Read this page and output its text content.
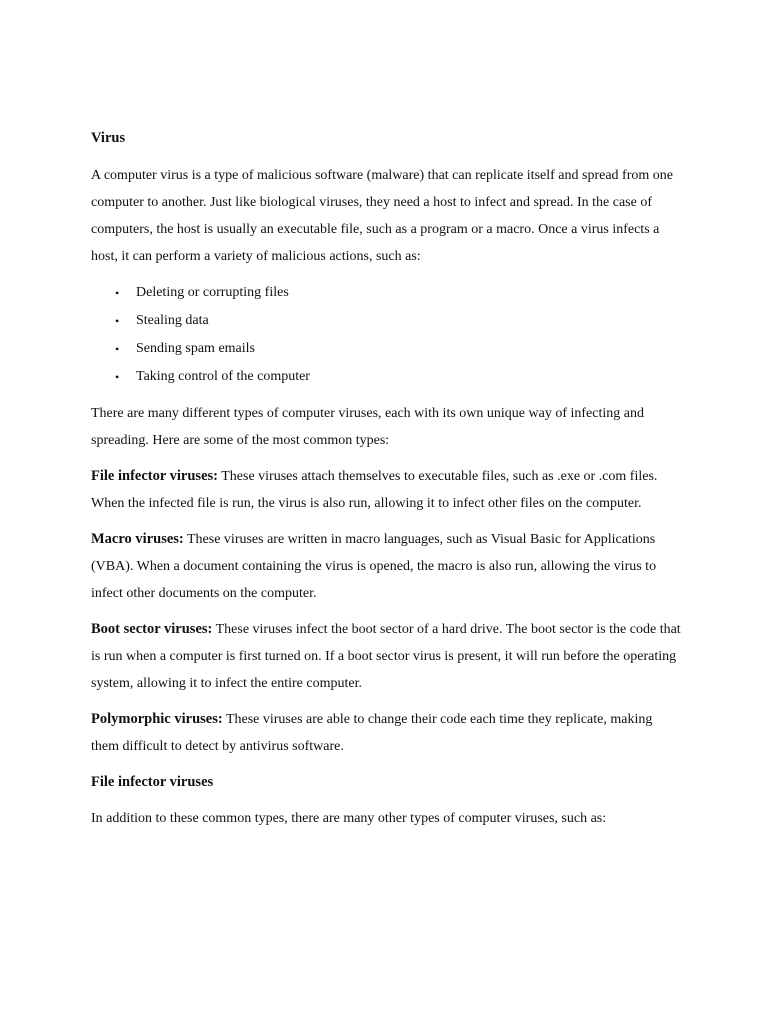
Virus

A computer virus is a type of malicious software (malware) that can replicate itself and spread from one computer to another. Just like biological viruses, they need a host to infect and spread. In the case of computers, the host is usually an executable file, such as a program or a macro. Once a virus infects a host, it can perform a variety of malicious actions, such as:

• Deleting or corrupting files
• Stealing data
• Sending spam emails
• Taking control of the computer

There are many different types of computer viruses, each with its own unique way of infecting and spreading. Here are some of the most common types:

File infector viruses: These viruses attach themselves to executable files, such as .exe or .com files. When the infected file is run, the virus is also run, allowing it to infect other files on the computer.

Macro viruses: These viruses are written in macro languages, such as Visual Basic for Applications (VBA). When a document containing the virus is opened, the macro is also run, allowing the virus to infect other documents on the computer.

Boot sector viruses: These viruses infect the boot sector of a hard drive. The boot sector is the code that is run when a computer is first turned on. If a boot sector virus is present, it will run before the operating system, allowing it to infect the entire computer.

Polymorphic viruses: These viruses are able to change their code each time they replicate, making them difficult to detect by antivirus software.

File infector viruses

In addition to these common types, there are many other types of computer viruses, such as:
